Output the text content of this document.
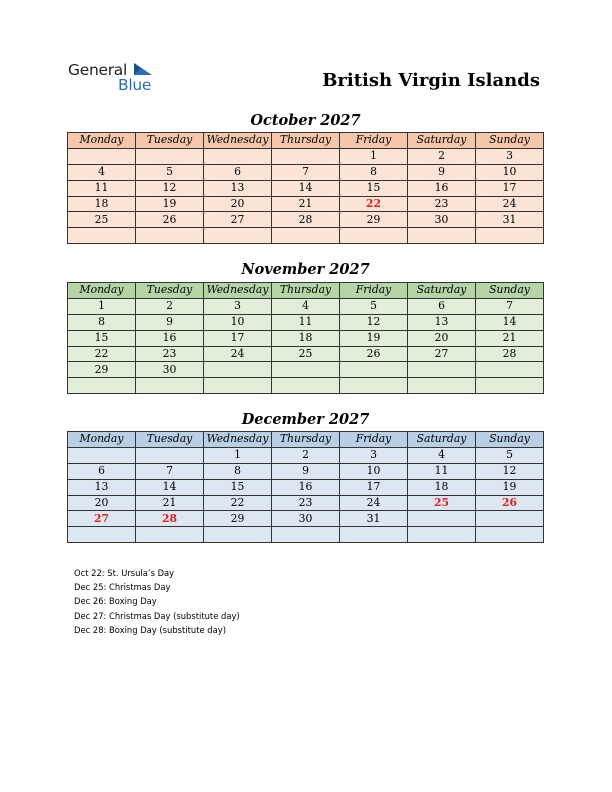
General
Blue	British Virgin Islands
October 2027
Monday	Tuesday	Wednesday	Thursday	Friday	Saturday	Sunday
				1	2	3
4	5	6	7	8	9	10
11	12	13	14	15	16	17
18	19	20	21	22	23	24
25	26	27	28	29	30	31

November 2027
Monday	Tuesday	Wednesday	Thursday	Friday	Saturday	Sunday
1	2	3	4	5	6	7
8	9	10	11	12	13	14
15	16	17	18	19	20	21
22	23	24	25	26	27	28
29	30					

December 2027
Monday	Tuesday	Wednesday	Thursday	Friday	Saturday	Sunday
		1	2	3	4	5
6	7	8	9	10	11	12
13	14	15	16	17	18	19
20	21	22	23	24	25	26
27	28	29	30	31		

Oct 22: St. Ursula’s Day
Dec 25: Christmas Day
Dec 26: Boxing Day
Dec 27: Christmas Day (substitute day)
Dec 28: Boxing Day (substitute day)
